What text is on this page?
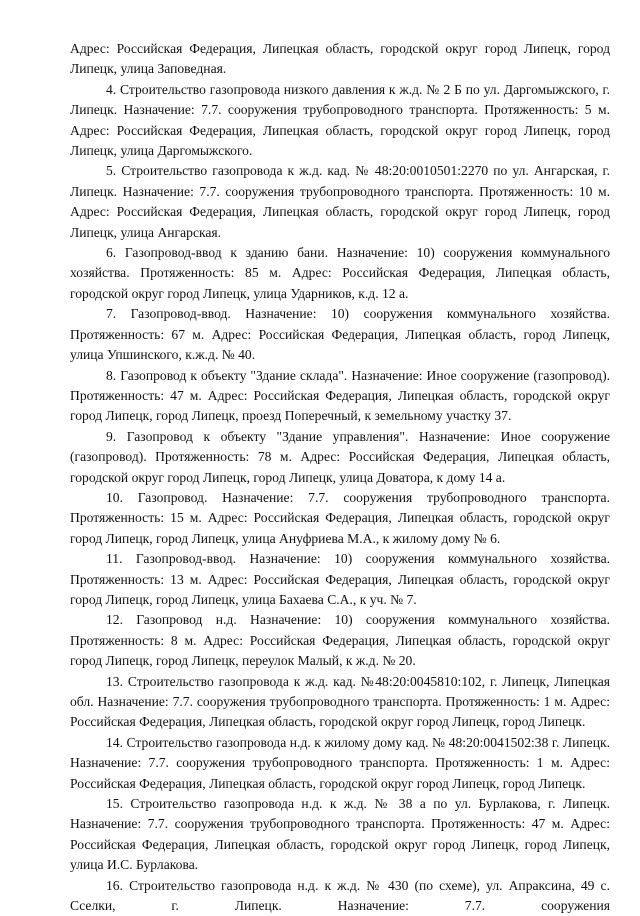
Адрес: Российская Федерация, Липецкая область, городской округ город Липецк, город Липецк, улица Заповедная.

4. Строительство газопровода низкого давления к ж.д. № 2 Б по ул. Даргомыжского, г. Липецк. Назначение: 7.7. сооружения трубопроводного транспорта. Протяженность: 5 м. Адрес: Российская Федерация, Липецкая область, городской округ город Липецк, город Липецк, улица Даргомыжского.

5. Строительство газопровода к ж.д. кад. № 48:20:0010501:2270 по ул. Ангарская, г. Липецк. Назначение: 7.7. сооружения трубопроводного транспорта. Протяженность: 10 м. Адрес: Российская Федерация, Липецкая область, городской округ город Липецк, город Липецк, улица Ангарская.

6. Газопровод-ввод к зданию бани. Назначение: 10) сооружения коммунального хозяйства. Протяженность: 85 м. Адрес: Российская Федерация, Липецкая область, городской округ город Липецк, улица Ударников, к.д. 12 а.

7. Газопровод-ввод. Назначение: 10) сооружения коммунального хозяйства. Протяженность: 67 м. Адрес: Российская Федерация, Липецкая область, город Липецк, улица Упшинского, к.ж.д. № 40.

8. Газопровод к объекту "Здание склада". Назначение: Иное сооружение (газопровод). Протяженность: 47 м. Адрес: Российская Федерация, Липецкая область, городской округ город Липецк, город Липецк, проезд Поперечный, к земельному участку 37.

9. Газопровод к объекту "Здание управления". Назначение: Иное сооружение (газопровод). Протяженность: 78 м. Адрес: Российская Федерация, Липецкая область, городской округ город Липецк, город Липецк, улица Доватора, к дому 14 а.

10. Газопровод. Назначение: 7.7. сооружения трубопроводного транспорта. Протяженность: 15 м. Адрес: Российская Федерация, Липецкая область, городской округ город Липецк, город Липецк, улица Ануфриева М.А., к жилому дому № 6.

11. Газопровод-ввод. Назначение: 10) сооружения коммунального хозяйства. Протяженность: 13 м. Адрес: Российская Федерация, Липецкая область, городской округ город Липецк, город Липецк, улица Бахаева С.А., к уч. № 7.

12. Газопровод н.д. Назначение: 10) сооружения коммунального хозяйства. Протяженность: 8 м. Адрес: Российская Федерация, Липецкая область, городской округ город Липецк, город Липецк, переулок Малый, к ж.д. № 20.

13. Строительство газопровода к ж.д. кад. №48:20:0045810:102, г. Липецк, Липецкая обл. Назначение: 7.7. сооружения трубопроводного транспорта. Протяженность: 1 м. Адрес: Российская Федерация, Липецкая область, городской округ город Липецк, город Липецк.

14. Строительство газопровода н.д. к жилому дому кад. № 48:20:0041502:38 г. Липецк. Назначение: 7.7. сооружения трубопроводного транспорта. Протяженность: 1 м. Адрес: Российская Федерация, Липецкая область, городской округ город Липецк, город Липецк.

15. Строительство газопровода н.д. к ж.д. № 38 а по ул. Бурлакова, г. Липецк. Назначение: 7.7. сооружения трубопроводного транспорта. Протяженность: 47 м. Адрес: Российская Федерация, Липецкая область, городской округ город Липецк, город Липецк, улица И.С. Бурлакова.

16. Строительство газопровода н.д. к ж.д. № 430 (по схеме), ул. Апраксина, 49 с. Сселки, г. Липецк. Назначение: 7.7. сооружения
